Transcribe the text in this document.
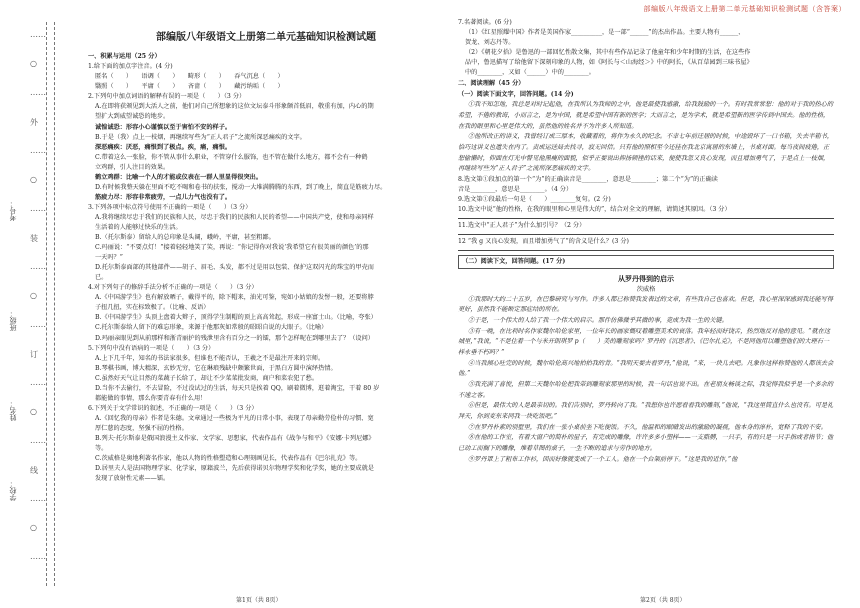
部编版八年级语文上册第二单元基础知识检测试题（含答案）
考号：
班级：
姓名：
学校：
……
○
……
外
……
○
……
装
……
○
……
订
……
○
……
线
……
○
……
部编版八年级语文上册第二单元基础知识检测试题
一、积累与运用（25 分）
1.给下面的加点字注音。(4 分)
匿名（　　）　　语调（　　）　　畸形（　　）　　吞气沉息（　　）
翳照（　　）　　平庸（　　）　　吝啬（　　）　　藏污纳垢（　　）
2.下列句中加点词语的解释有误的一项是（　　）（3 分）
A.在即将获颁见到大活人之前，他们对自己所想象的这位文坛泰斗形象颇首低眉，敬重有加，内心的期
望扩大到威望诚恐的地步。
诚惶诚恐：形容小心谨慎以至于害怕不安的样子。
B.于是（我）点上一枝烟，再继续写些为“正人君子”之流所深恶痛疾的文字。
深恶痛疾：厌恶，痛恨到了极点。疾，痛，痛恨。
C.带着这么一张脸，你不管从事什么职业，不管穿什么服饰，也不管在做什么地方，都不会有一种鹤
立鸡群，引人注目的效果。
鹤立鸡群：比喻一个人的才能或仪表在一群人里显得很突出。
D.有时候我整天躲在里面不吃不喝和卷书的扶张，搅动一大堆满腾腾的东西，到了晚上，简直是筋疲力尽。
筋疲力尽：形容非常疲劳，一点儿力气也没有了。
3.下列各项中标点符号使用不正确的一项是（　　）（3 分）
A.我将继续尽忠于我们的民族和人民，尽忠于我们的民族和人民的希望——中国共产党，使和母亲同样
生活着的人能够过快乐的生活。
B.（托尔斯泰）留给人的总印象是头阔，峨岭，平庸，甚至粗鄙。
C.玛丽说：“不要点灯！”接着轻轻地笑了笑，再说：“你记得你对我说‘我希望它有很美丽的颜色’的那
一天吗？”
D.托尔斯泰面部的其他部件——胡子、眉毛、头发，都不过是用以包装、保护这双闪光的珠宝的甲壳而
已。
4.对下列句子的修辞手法分析不正确的一项是（　　）（3 分）
A.《中国游学生》也有解放晒子，戴得平的，除下帽来，油光可鉴，宛如小姑娘的发髻一般，还要将脖
子扭几扭，实在标致极了。（比喻、反语）
B.《中国游学生》头顶上盘着大辫子，顶得学生制帽的顶上高高耸起，形成一座富士山。（比喻，夸张）
C.托尔斯泰给人留下的难忘形象，来源于他那灰如常般的昭昭自说的大眼子。（比喻）
D.玛丽亲眼见到从前那样和浙青丽护的残泄里含有百分之一的镭，那个怎样呢在到哪里去了？（设问）
5.下列句中没有语病的一项是（　　）（3 分）
A.上下几千年，知名的书法家很多，但谁也不能否认，王羲之不是最注开来的宗师。
B.琴棋书画，博大精深，玄妙无穷，它在琳琅残缺中颇繁世面，于黑白方圆中演绎热情。
C.虽然好天气让目然的菜蔬子长给了，却让不少菜菜批发商，商户和菜农犯了愁。
D.当你不去偷行，不去冒险，不过没试过的生活，每天只是挨着 QQ，刷着微博，逛着淘宝，干着 80 岁
都能做的事情，那么你要青春有什么用！
6.下列关于文学常识的叙述，不正确的一项是（　　）（3 分）
A.《回忆我的母亲》作者是朱德。文章通过一些极为平凡的日常小事，表现了母亲勤劳俭朴的习惯、宽
厚仁慈的态度，坚强不屈的性格。
B.列夫·托尔斯泰是俄国浪漫主义作家、文学家、思想家，代表作品有《战争与和平》《安娜·卡列尼娜》
等。
C.茨威格是奥地利著名作家，他以人物的性格塑造和心理刻画见长，代表作品有《巴尔扎克》等。
D.居里夫人是法国物理学家、化学家，原籍波兰，先后获得诺贝尔物理学奖和化学奖，她的主要成就是
发现了放射性元素——镭。
7.名著阅读。(6 分)
（1）《红星照耀中国》作者是美国作家__________，是一部“______”的杰出作品。主要人物有______、
贺龙、刘志丹等。
（2）《朝花夕拾》是鲁迅的一部回忆性散文集，其中有些作品记录了他童年和少年时期的生活，在这些作
品中，鲁迅描写了给他留下深刻印象的人物，如《阿长与＜山海经＞》中的阿长，《从百草园到三味书屋》
中的________，又如（______）中的________。
二、阅读理解（45 分）
（一）阅读下面文字，回答问题。(14 分)

①我不知怎地，我总是对时记起他，在我所认为我师的之中，他是最使我感激，给我鼓励的一个。有时我常常想：他的对于我的热心的希望，不倦的教诲，小而言之，是为中国，就是希望中国有新的医学；大而言之，是为学术，就是希望新的医学传到中国去。他的性格，在我的眼里和心里是伟大的，虽然他的姓名并不为许多人所知道。

②他所改正的讲义，我曾经订成三厚本，收藏着的，将作为永久的纪念。不幸七年前迁居的时候，中途毁坏了一口书箱，失去半箱书，恰巧这讲义也遗失在内了。责成运送局去找寻，寂无回信。只有他的照相至今还挂在我北京寓居的东墙上，书桌对面。每当夜间疲倦，正想偷懒时，仰面在灯光中瞥见他黑瘦的面貌，似乎正要说出抑扬顿挫的话来，便使我忽又良心发现，而且增加勇气了，于是点上一枝烟，再继续写些为“正人君子”之流所深恶痛疾的文字。

8.选文第①段加点的第一个“为”的正确读音是________，意思是________；第二个“为”的正确读
音是________，意思是________。（4 分）
9.选文第①段最后一句是（　　）________复句。(2 分)
10.选文中说“他的性格，在我的眼里和心里是伟大的”，结合对全文的理解，请简述其原因。（3 分）
11.选文中“正人君子”为什么加引号？（2 分）
12 “我 g 又良心发现，而且增加勇气了”的含义是什么？(3 分)
（二）阅读下文，回答问题。(17 分)
从罗丹得到的启示
茨威格

①我那时大约二十五岁，在巴黎研究与写作。许多人都已称赞我发表过的文章，有些我自己也喜欢。但是，我心里深深感到我还能写得更好，虽然我不能断定那症结的所在。

②于是，一个伟大的人给了我一个伟大的启示。那件仿佛微乎其微的事，竟成为我一生的关键。

③有一晚，在比利时名作家魏尔哈伦家里，一位年长的画家慨叹着雕塑美术的衰落。我年轻而好饶舌，热烈地反对他的意见。“就在这城里，”我说，“不是住着一个与米开朗琪罗 p（　　）美的雕刻家吗？罗丹的《沉思者》、《巴尔扎克》，不是同他用以雕塑他们的大理石一样永垂不朽吗？”

④当我倾心吐完的时候，魏尔哈伦高兴地拍拍我的背。“我明天要去看罗丹，”他说，“来，一块儿去吧。凡象你这样称赞他的人都该去会他。”

⑤我充满了喜悦，但第二天魏尔哈伦把我带到雕刻家那里的时候，我一句话也说不出。在老朋友畅谈之际，我觉得我似乎是一个多余的不速之客。

⑥但是，最伟大的人是最亲切的。我们告别时，罗丹转向了我。“我想你也许愿看看我的雕刻，”他说，“我这里简直什么也没有。可是礼拜天，你到麦东来同我一块吃饭吧。”

⑦在罗丹朴素的别墅里，我们在一张小桌前坐下吃便饭。不久，他温和的眼睛发出的激励的凝视，他本身的淳朴，宽释了我的不安。

⑧在他的工作室，有着大窗户的简朴的屋子，有完成的雕像，许许多多小塑样——一支胳膊，一只手，有的只是一只手指或者指节；他已动工而搁下的雕像，堆着草图的桌子，一生不断的追求与劳作的地方。

⑨罗丹罩上了粗布工作衫，因而好像就变成了一个工人。他在一个台架前停下。“这是我的近作，”他

第1页（共 8页）	第2页（共 8页）
